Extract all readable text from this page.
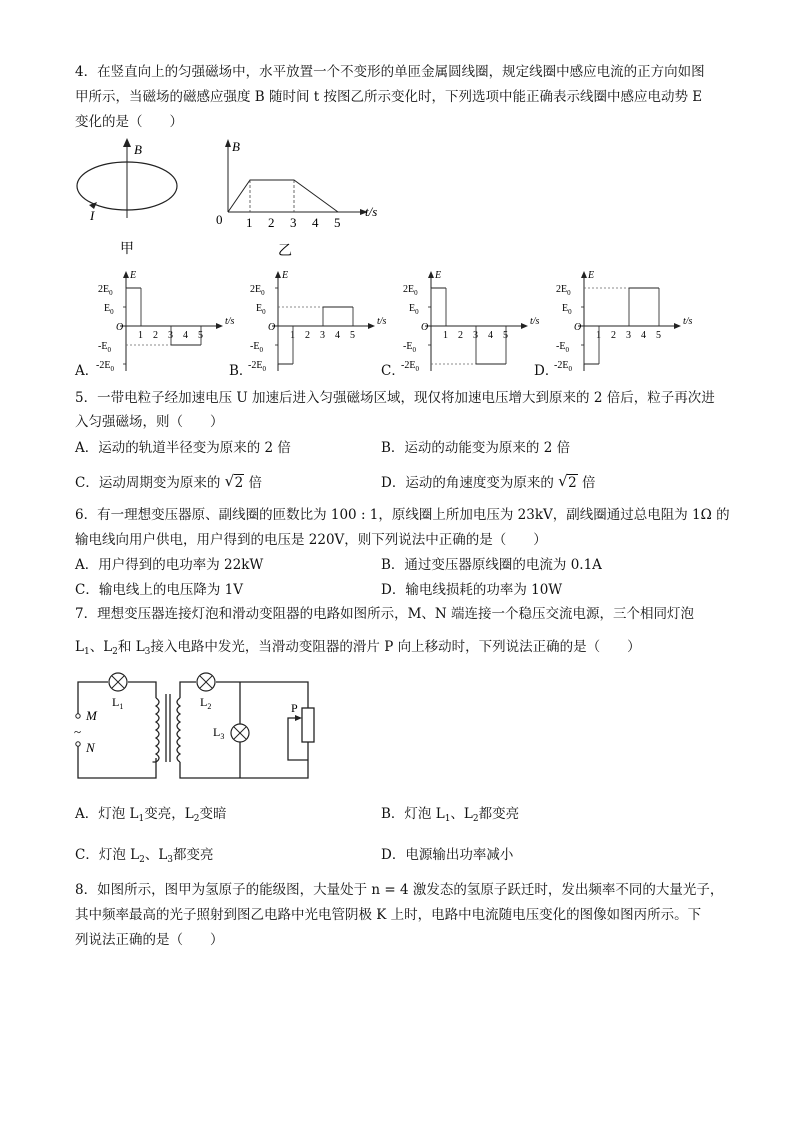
4．在竖直向上的匀强磁场中，水平放置一个不变形的单匝金属圆线圈，规定线圈中感应电流的正方向如图
甲所示，当磁场的磁感应强度 B 随时间 t 按图乙所示变化时，下列选项中能正确表示线圈中感应电动势 E
变化的是（　　）
B
I
甲
B
0 1 2 3 4 5
t/s
乙
A．	B．	C．	D．
E
t/s
O
$2E_0$
$E_0$
$-E_0$
$-2E_0$
1 2 3 4 5
E
t/s
O
$2E_0$
$E_0$
$-E_0$
$-2E_0$
1 2 3 4 5
E
t/s
O
$2E_0$
$E_0$
$-E_0$
$-2E_0$
1 2 3 4 5
E
t/s
O
$2E_0$
$E_0$
$-E_0$
$-2E_0$
1 2 3 4 5
5．一带电粒子经加速电压 U 加速后进入匀强磁场区域，现仅将加速电压增大到原来的 2 倍后，粒子再次进
入匀强磁场，则（　　）
A．运动的轨道半径变为原来的 2 倍	B．运动的动能变为原来的 2 倍
C．运动周期变为原来的 √ 2 倍	D．运动的角速度变为原来的 √ 2 倍
6．有一理想变压器原、副线圈的匝数比为 100 : 1，原线圈上所加电压为 23kV，副线圈通过总电阻为 1Ω 的
输电线向用户供电，用户得到的电压是 220V，则下列说法中正确的是（　　）
A．用户得到的电功率为 22kW	B．通过变压器原线圈的电流为 0.1A
C．输电线上的电压降为 1V	D．输电线损耗的功率为 10W
7．理想变压器连接灯泡和滑动变阻器的电路如图所示，M、N 端连接一个稳压交流电源，三个相同灯泡
$L_1$、$L_2$和 $L_3$接入电路中发光，当滑动变阻器的滑片 P 向上移动时，下列说法正确的是（　　）
M
~
N
$L_1$	$L_2$
$L_3$
P
A．灯泡 $L_1$变亮，$L_2$变暗	B．灯泡 $L_1$、$L_2$都变亮
C．灯泡 $L_2$、$L_3$都变亮	D．电源输出功率减小
8．如图所示，图甲为氢原子的能级图，大量处于 n = 4 激发态的氢原子跃迁时，发出频率不同的大量光子，
其中频率最高的光子照射到图乙电路中光电管阴极 K 上时，电路中电流随电压变化的图像如图丙所示。下
列说法正确的是（　　）
